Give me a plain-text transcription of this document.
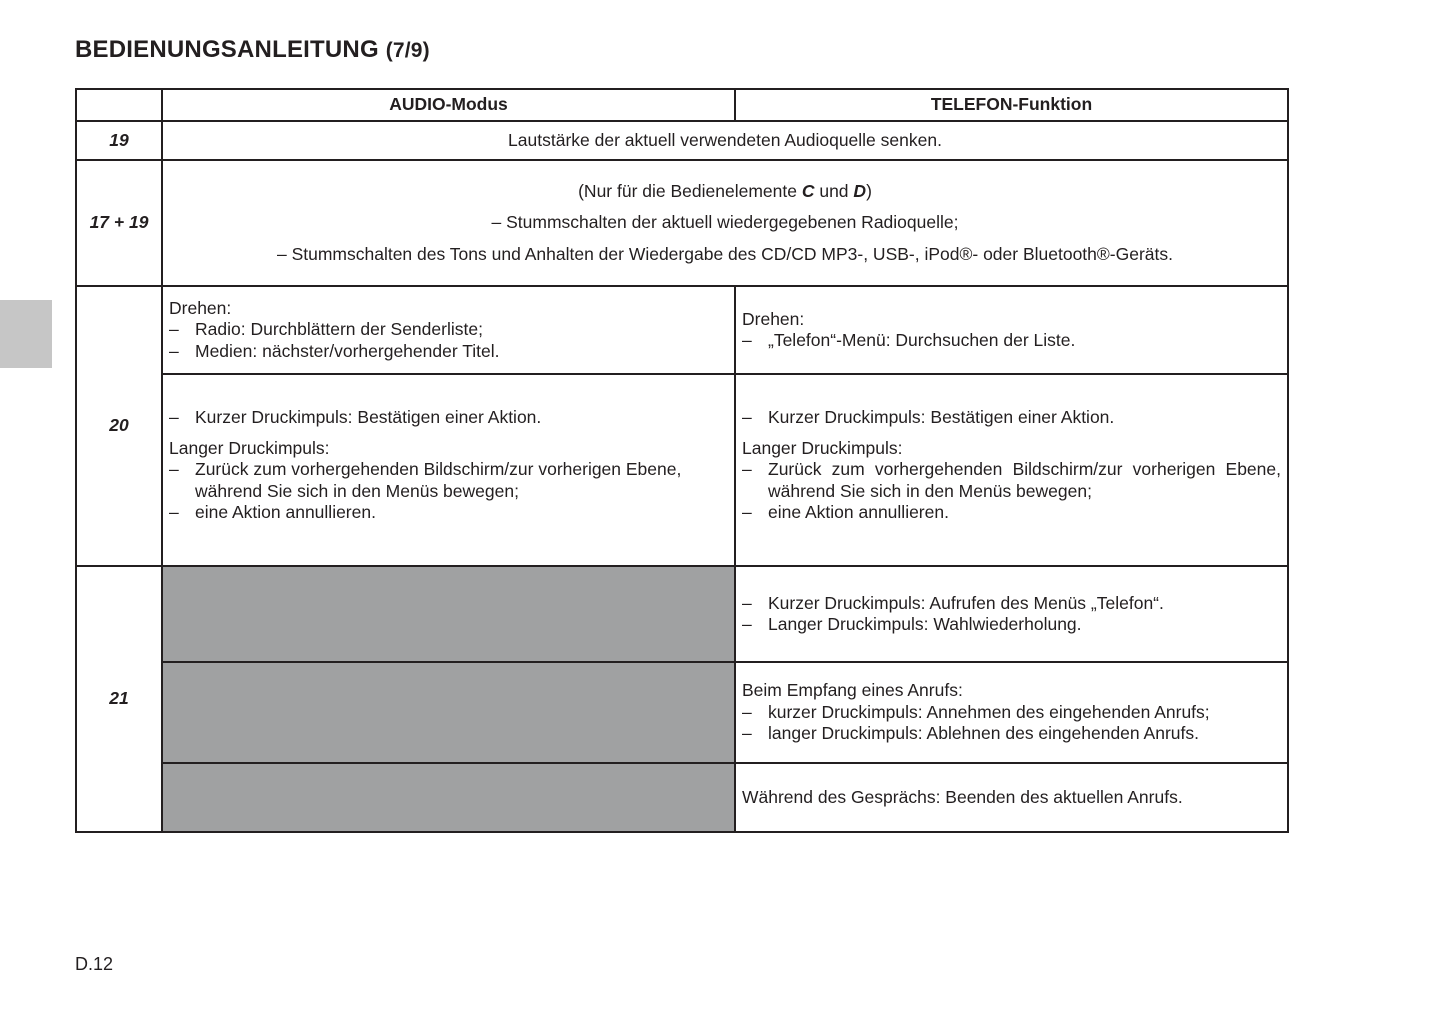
BEDIENUNGSANLEITUNG (7/9)
	AUDIO-Modus	TELEFON-Funktion
19	Lautstärke der aktuell verwendeten Audioquelle senken.	
17 + 19	(Nur für die Bedienelemente C und D)
– Stummschalten der aktuell wiedergegebenen Radioquelle;
– Stummschalten des Tons und Anhalten der Wiedergabe des CD/CD MP3-, USB-, iPod®- oder Bluetooth®-Geräts.	

20	Drehen:
– Radio: Durchblättern der Senderliste;
– Medien: nächster/vorhergehender Titel.	Drehen:
– „Telefon“-Menü: Durchsuchen der Liste.

	– Kurzer Druckimpuls: Bestätigen einer Aktion.
Langer Druckimpuls:
– Zurück zum vorhergehenden Bildschirm/zur vorherigen Ebene, während Sie sich in den Menüs bewegen;
– eine Aktion annullieren.	– Kurzer Druckimpuls: Bestätigen einer Aktion.
Langer Druckimpuls:
– Zurück zum vorhergehenden Bildschirm/zur vorherigen Ebene, während Sie sich in den Menüs bewegen;
– eine Aktion annullieren.

21		– Kurzer Druckimpuls: Aufrufen des Menüs „Telefon“.
– Langer Druckimpuls: Wahlwiederholung.

		Beim Empfang eines Anrufs:
– kurzer Druckimpuls: Annehmen des eingehenden Anrufs;
– langer Druckimpuls: Ablehnen des eingehenden Anrufs.

		Während des Gesprächs: Beenden des aktuellen Anrufs.
D.12
